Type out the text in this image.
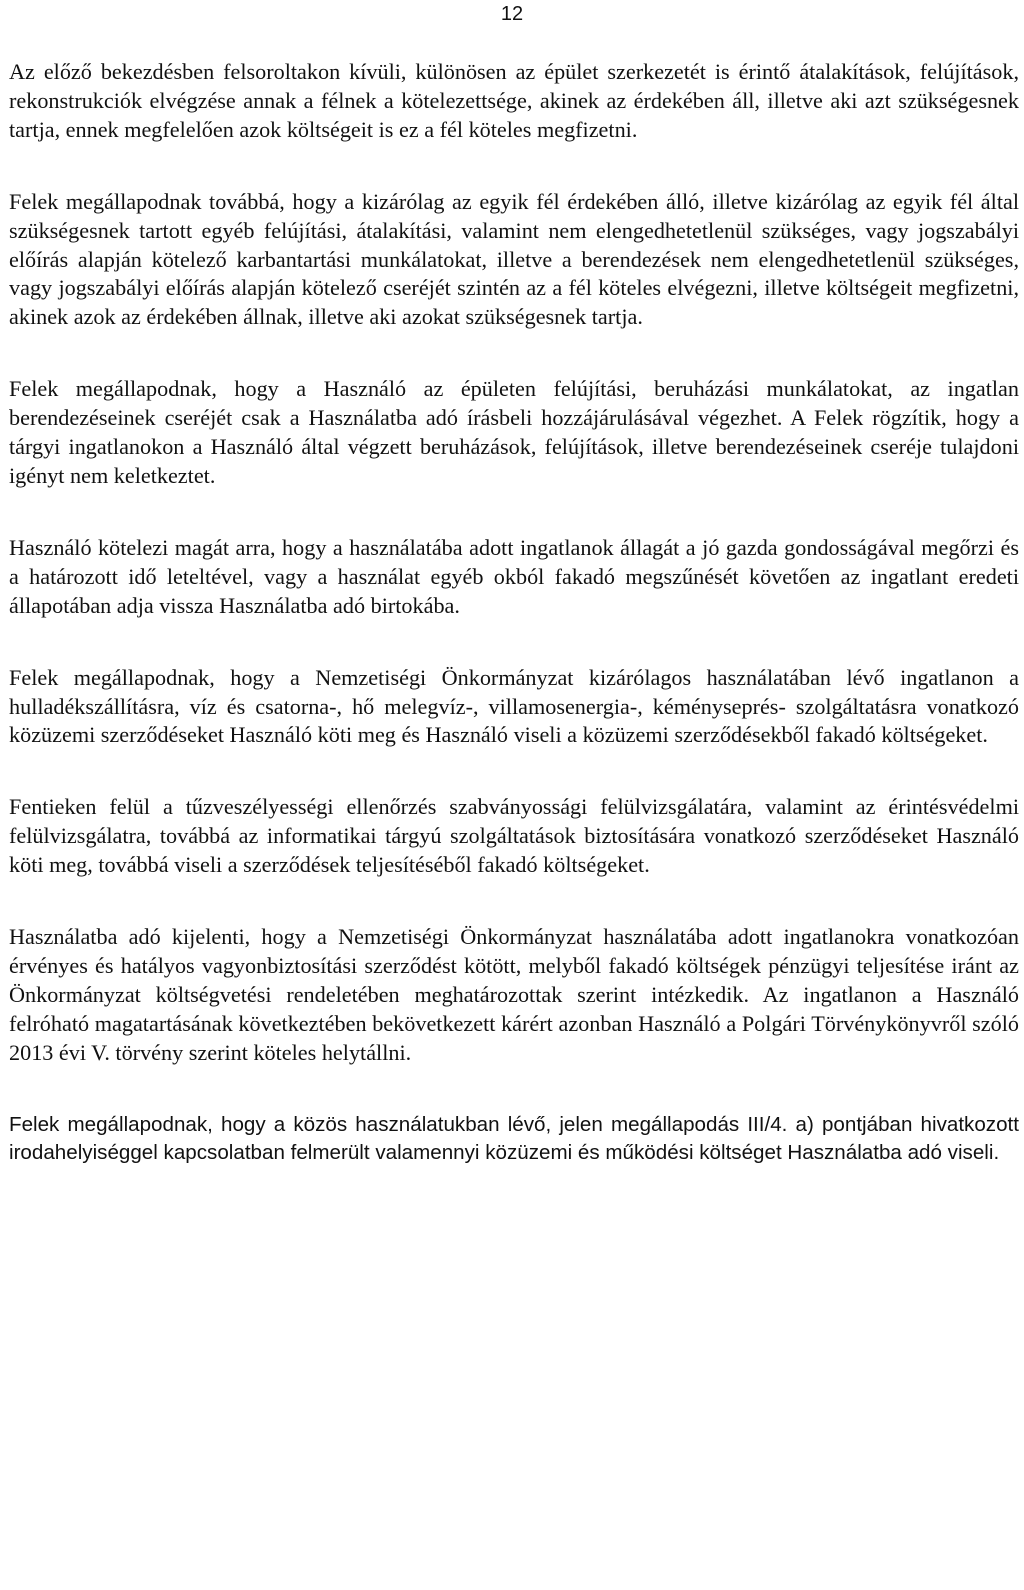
12

Az előző bekezdésben felsoroltakon kívüli, különösen az épület szerkezetét is érintő átalakítások, felújítások, rekonstrukciók elvégzése annak a félnek a kötelezettsége, akinek az érdekében áll, illetve aki azt szükségesnek tartja, ennek megfelelően azok költségeit is ez a fél köteles megfizetni.

Felek megállapodnak továbbá, hogy a kizárólag az egyik fél érdekében álló, illetve kizárólag az egyik fél által szükségesnek tartott egyéb felújítási, átalakítási, valamint nem elengedhetetlenül szükséges, vagy jogszabályi előírás alapján kötelező karbantartási munkálatokat, illetve a berendezések nem elengedhetetlenül szükséges, vagy jogszabályi előírás alapján kötelező cseréjét szintén az a fél köteles elvégezni, illetve költségeit megfizetni, akinek azok az érdekében állnak, illetve aki azokat szükségesnek tartja.

Felek megállapodnak, hogy a Használó az épületen felújítási, beruházási munkálatokat, az ingatlan berendezéseinek cseréjét csak a Használatba adó írásbeli hozzájárulásával végezhet. A Felek rögzítik, hogy a tárgyi ingatlanokon a Használó által végzett beruházások, felújítások, illetve berendezéseinek cseréje tulajdoni igényt nem keletkeztet.

Használó kötelezi magát arra, hogy a használatába adott ingatlanok állagát a jó gazda gondosságával megőrzi és a határozott idő leteltével, vagy a használat egyéb okból fakadó megszűnését követően az ingatlant eredeti állapotában adja vissza Használatba adó birtokába.

Felek megállapodnak, hogy a Nemzetiségi Önkormányzat kizárólagos használatában lévő ingatlanon a hulladékszállításra, víz és csatorna-, hő melegvíz-, villamosenergia-, kéményseprés- szolgáltatásra vonatkozó közüzemi szerződéseket Használó köti meg és Használó viseli a közüzemi szerződésekből fakadó költségeket.

Fentieken felül a tűzveszélyességi ellenőrzés szabványossági felülvizsgálatára, valamint az érintésvédelmi felülvizsgálatra, továbbá az informatikai tárgyú szolgáltatások biztosítására vonatkozó szerződéseket Használó köti meg, továbbá viseli a szerződések teljesítéséből fakadó költségeket.

Használatba adó kijelenti, hogy a Nemzetiségi Önkormányzat használatába adott ingatlanokra vonatkozóan érvényes és hatályos vagyonbiztosítási szerződést kötött, melyből fakadó költségek pénzügyi teljesítése iránt az Önkormányzat költségvetési rendeletében meghatározottak szerint intézkedik. Az ingatlanon a Használó felróható magatartásának következtében bekövetkezett kárért azonban Használó a Polgári Törvénykönyvről szóló 2013 évi V. törvény szerint köteles helytállni.

Felek megállapodnak, hogy a közös használatukban lévő, jelen megállapodás III/4. a) pontjában hivatkozott irodahelyiséggel kapcsolatban felmerült valamennyi közüzemi és működési költséget Használatba adó viseli.
